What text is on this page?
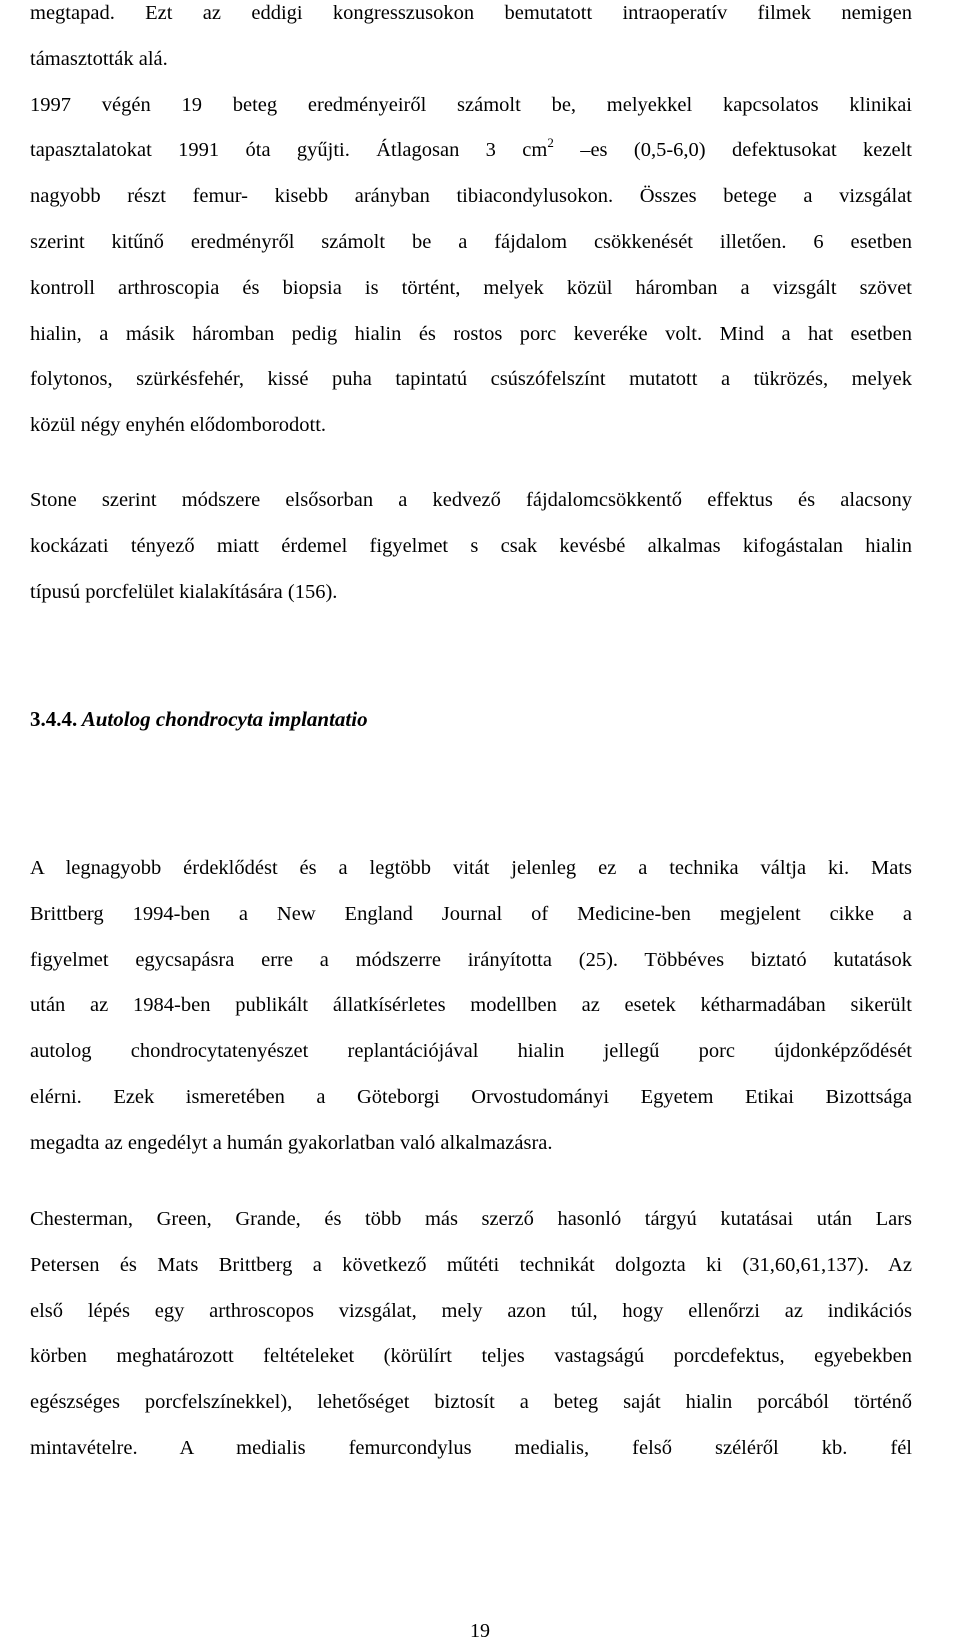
megtapad. Ezt az eddigi kongresszusokon bemutatott intraoperatív filmek nemigen
támasztották alá.
1997 végén 19 beteg eredményeiről számolt be, melyekkel kapcsolatos klinikai
tapasztalatokat 1991 óta gyűjti. Átlagosan 3 $cm^2$ –es (0,5-6,0) defektusokat kezelt
nagyobb részt femur- kisebb arányban tibiacondylusokon. Összes betege a vizsgálat
szerint kitűnő eredményről számolt be a fájdalom csökkenését illetően. 6 esetben
kontroll arthroscopia és biopsia is történt, melyek közül háromban a vizsgált szövet
hialin, a másik háromban pedig hialin és rostos porc keveréke volt. Mind a hat esetben
folytonos, szürkésfehér, kissé puha tapintatú csúszófelszínt mutatott a tükrözés, melyek
közül négy enyhén elődomborodott.
Stone szerint módszere elsősorban a kedvező fájdalomcsökkentő effektus és alacsony
kockázati tényező miatt érdemel figyelmet s csak kevésbé alkalmas kifogástalan hialin
típusú porcfelület kialakítására (156).
3.4.4. Autolog chondrocyta implantatio
A legnagyobb érdeklődést és a legtöbb vitát jelenleg ez a technika váltja ki. Mats
Brittberg 1994-ben a New England Journal of Medicine-ben megjelent cikke a
figyelmet egycsapásra erre a módszerre irányította (25). Többéves biztató kutatások
után az 1984-ben publikált állatkísérletes modellben az esetek kétharmadában sikerült
autolog chondrocytatenyészet replantációjával hialin jellegű porc újdonképződését
elérni. Ezek ismeretében a Göteborgi Orvostudományi Egyetem Etikai Bizottsága
megadta az engedélyt a humán gyakorlatban való alkalmazásra.
Chesterman, Green, Grande, és több más szerző hasonló tárgyú kutatásai után Lars
Petersen és Mats Brittberg a következő műtéti technikát dolgozta ki (31,60,61,137). Az
első lépés egy arthroscopos vizsgálat, mely azon túl, hogy ellenőrzi az indikációs
körben meghatározott feltételeket (körülírt teljes vastagságú porcdefektus, egyebekben
egészséges porcfelszínekkel), lehetőséget biztosít a beteg saját hialin porcából történő
mintavételre. A medialis femurcondylus medialis, felső széléről kb. fél
19
